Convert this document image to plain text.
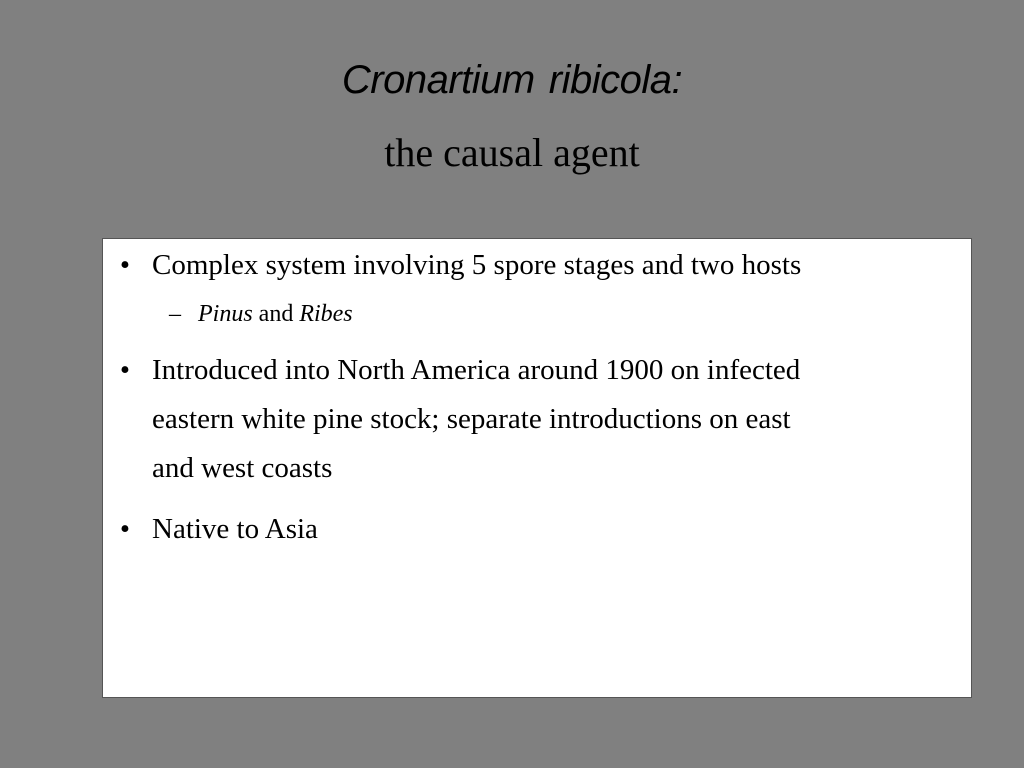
Cronartium ribicola:
the causal agent
• Complex system involving 5 spore stages and two hosts
– Pinus and Ribes
• Introduced into North America around 1900 on infected
eastern white pine stock; separate introductions on east
and west coasts
• Native to Asia
